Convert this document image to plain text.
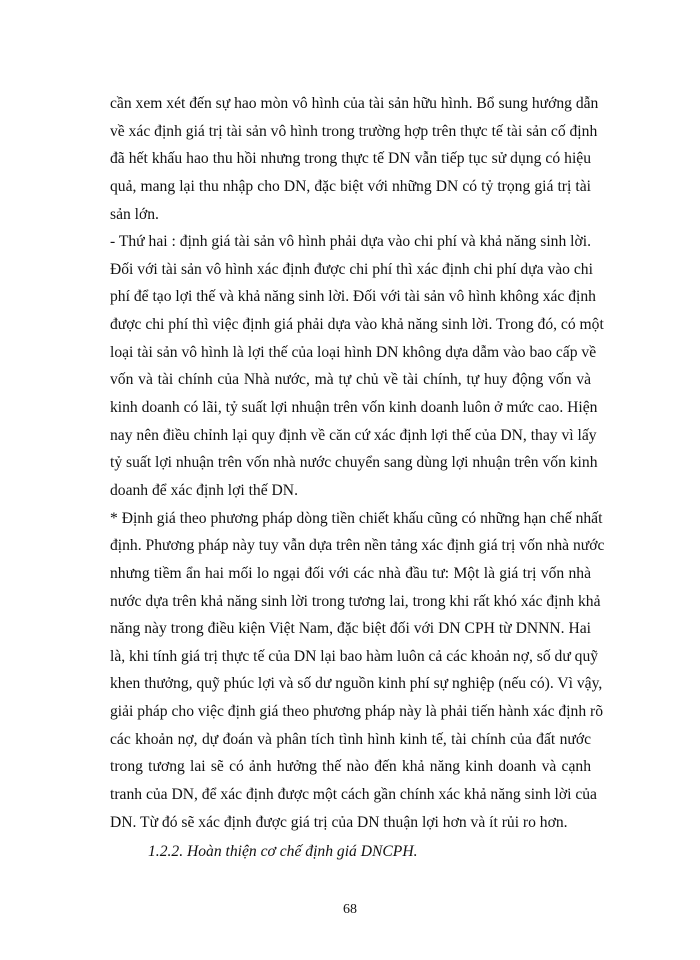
cần xem xét đến sự hao mòn vô hình của tài sản hữu hình. Bổ sung hướng dẫn
về xác định giá trị tài sản vô hình trong trường hợp trên thực tế tài sản cố định
đã hết khấu hao thu hồi nhưng trong thực tế DN vẫn tiếp tục sử dụng có hiệu
quả, mang lại thu nhập cho DN, đặc biệt với những DN có tỷ trọng giá trị tài
sản lớn.
- Thứ hai : định giá tài sản vô hình phải dựa vào chi phí và khả năng sinh lời.
Đối với tài sản vô hình xác định được chi phí thì xác định chi phí dựa vào chi
phí để tạo lợi thế và khả năng sinh lời. Đối với tài sản vô hình không xác định
được chi phí thì việc định giá phải dựa vào khả năng sinh lời. Trong đó, có một
loại tài sản vô hình là lợi thế của loại hình DN không dựa dẫm vào bao cấp về
vốn và tài chính của Nhà nước, mà tự chủ về tài chính, tự huy động vốn và
kinh doanh có lãi, tỷ suất lợi nhuận trên vốn kinh doanh luôn ở mức cao. Hiện
nay nên điều chỉnh lại quy định về căn cứ xác định lợi thế của DN, thay vì lấy
tỷ suất lợi nhuận trên vốn nhà nước chuyển sang dùng lợi nhuận trên vốn kinh
doanh để xác định lợi thế DN.
* Định giá theo phương pháp dòng tiền chiết khấu cũng có những hạn chế nhất
định. Phương pháp này tuy vẫn dựa trên nền tảng xác định giá trị vốn nhà nước
nhưng tiềm ẩn hai mối lo ngại đối với các nhà đầu tư: Một là giá trị vốn nhà
nước dựa trên khả năng sinh lời trong tương lai, trong khi rất khó xác định khả
năng này trong điều kiện Việt Nam, đặc biệt đối với DN CPH từ DNNN. Hai
là, khi tính giá trị thực tế của DN lại bao hàm luôn cả các khoản nợ, số dư quỹ
khen thưởng, quỹ phúc lợi và số dư nguồn kinh phí sự nghiệp (nếu có). Vì vậy,
giải pháp cho việc định giá theo phương pháp này là phải tiến hành xác định rõ
các khoản nợ, dự đoán và phân tích tình hình kinh tế, tài chính của đất nước
trong tương lai sẽ có ảnh hưởng thế nào đến khả năng kinh doanh và cạnh
tranh của DN, để xác định được một cách gần chính xác khả năng sinh lời của
DN. Từ đó sẽ xác định được giá trị của DN thuận lợi hơn và ít rủi ro hơn.
1.2.2. Hoàn thiện cơ chế định giá DNCPH.
68
